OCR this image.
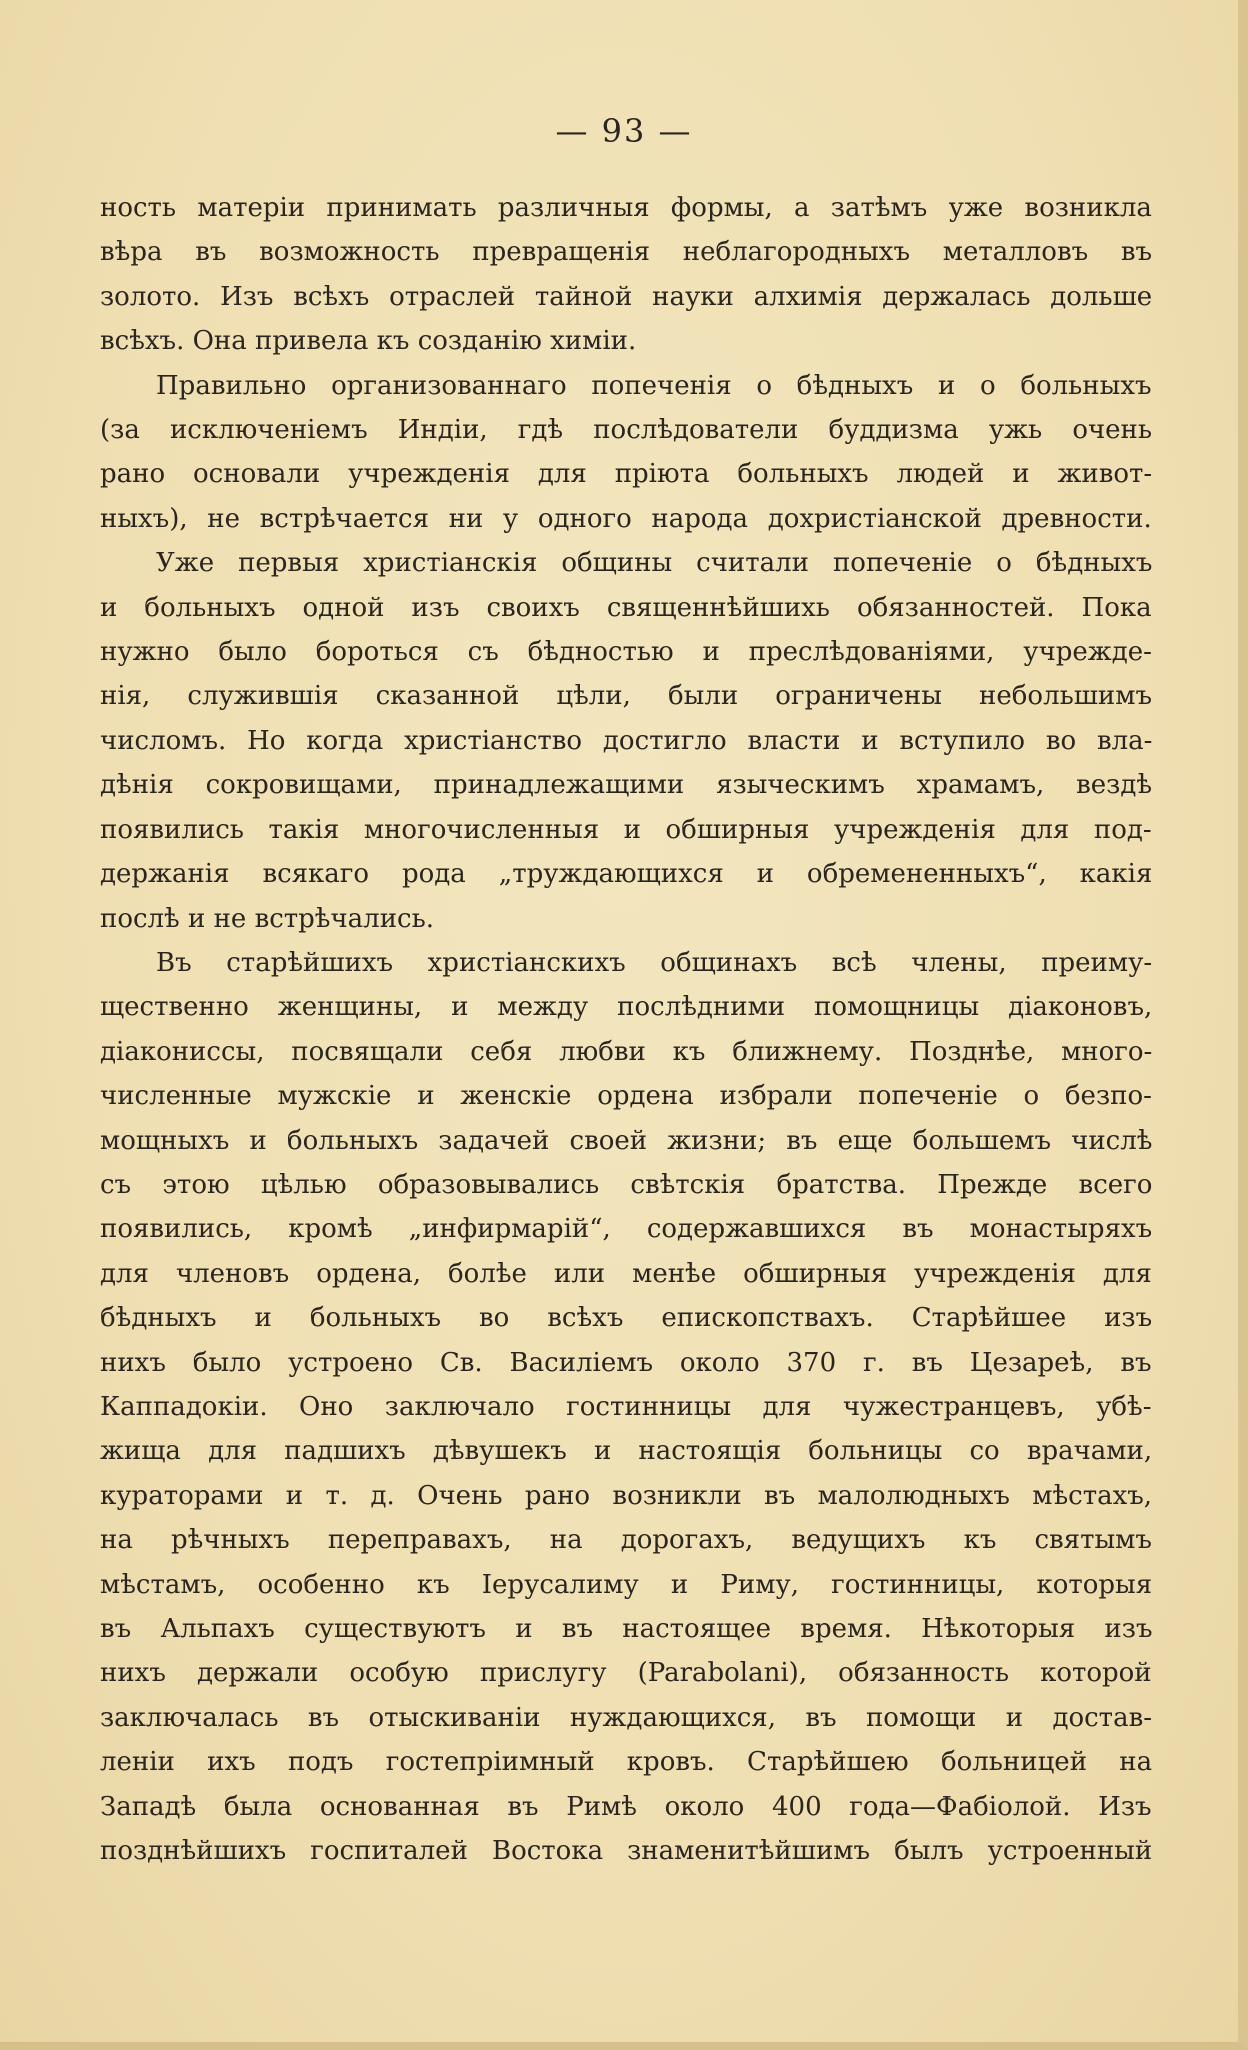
— 93 —
ность матеріи принимать различныя формы, а затѣмъ уже возникла
вѣра въ возможность превращенія неблагородныхъ металловъ въ
золото. Изъ всѣхъ отраслей тайной науки алхимія держалась дольше
всѣхъ. Она привела къ созданію химіи.
Правильно организованнаго попеченія о бѣдныхъ и о больныхъ
(за исключеніемъ Индіи, гдѣ послѣдователи буддизма ужь очень
рано основали учрежденія для пріюта больныхъ людей и живот-
ныхъ), не встрѣчается ни у одного народа дохристіанской древности.
Уже первыя христіанскія общины считали попеченіе о бѣдныхъ
и больныхъ одной изъ своихъ священнѣйшихь обязанностей. Пока
нужно было бороться съ бѣдностью и преслѣдованіями, учрежде-
нія, служившія сказанной цѣли, были ограничены небольшимъ
числомъ. Но когда христіанство достигло власти и вступило во вла-
дѣнія сокровищами, принадлежащими языческимъ храмамъ, вездѣ
появились такія многочисленныя и обширныя учрежденія для под-
держанія всякаго рода „труждающихся и обремененныхъ“, какія
послѣ и не встрѣчались.
Въ старѣйшихъ христіанскихъ общинахъ всѣ члены, преиму-
щественно женщины, и между послѣдними помощницы діаконовъ,
діакониссы, посвящали себя любви къ ближнему. Позднѣе, много-
численные мужскіе и женскіе ордена избрали попеченіе о безпо-
мощныхъ и больныхъ задачей своей жизни; въ еще большемъ числѣ
съ этою цѣлью образовывались свѣтскія братства. Прежде всего
появились, кромѣ „инфирмарій“, содержавшихся въ монастыряхъ
для членовъ ордена, болѣе или менѣе обширныя учрежденія для
бѣдныхъ и больныхъ во всѣхъ епископствахъ. Старѣйшее изъ
нихъ было устроено Св. Василіемъ около 370 г. въ Цезареѣ, въ
Каппадокіи. Оно заключало гостинницы для чужестранцевъ, убѣ-
жища для падшихъ дѣвушекъ и настоящія больницы со врачами,
кураторами и т. д. Очень рано возникли въ малолюдныхъ мѣстахъ,
на рѣчныхъ переправахъ, на дорогахъ, ведущихъ къ святымъ
мѣстамъ, особенно къ Іерусалиму и Риму, гостинницы, которыя
въ Альпахъ существуютъ и въ настоящее время. Нѣкоторыя изъ
нихъ держали особую прислугу (Parabolani), обязанность которой
заключалась въ отыскиваніи нуждающихся, въ помощи и достав-
леніи ихъ подъ гостепріимный кровъ. Старѣйшею больницей на
Западѣ была основанная въ Римѣ около 400 года—Фабіолой. Изъ
позднѣйшихъ госпиталей Востока знаменитѣйшимъ былъ устроенный
